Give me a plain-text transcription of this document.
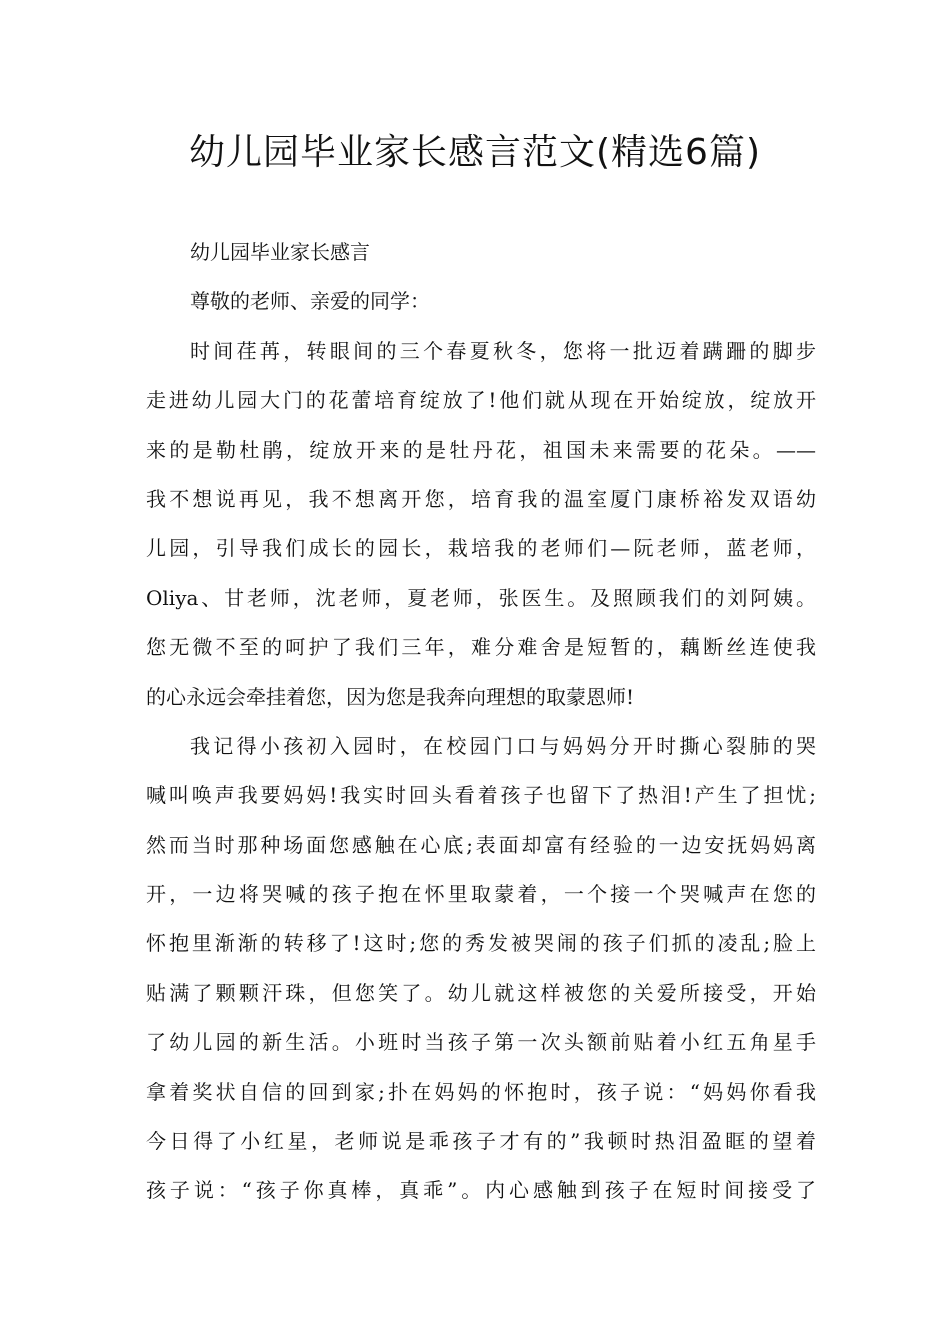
幼儿园毕业家长感言范文(精选6篇)
幼儿园毕业家长感言
尊敬的老师、亲爱的同学：
时间荏苒，转眼间的三个春夏秋冬，您将一批迈着蹒跚的脚步
走进幼儿园大门的花蕾培育绽放了!他们就从现在开始绽放，绽放开
来的是勒杜鹃，绽放开来的是牡丹花，祖国未来需要的花朵。——
我不想说再见，我不想离开您，培育我的温室厦门康桥裕发双语幼
儿园，引导我们成长的园长，栽培我的老师们—阮老师，蓝老师，
Oliya、甘老师，沈老师，夏老师，张医生。及照顾我们的刘阿姨。
您无微不至的呵护了我们三年，难分难舍是短暂的，藕断丝连使我
的心永远会牵挂着您，因为您是我奔向理想的取蒙恩师!
我记得小孩初入园时，在校园门口与妈妈分开时撕心裂肺的哭
喊叫唤声我要妈妈!我实时回头看着孩子也留下了热泪!产生了担忧;
然而当时那种场面您感触在心底;表面却富有经验的一边安抚妈妈离
开，一边将哭喊的孩子抱在怀里取蒙着，一个接一个哭喊声在您的
怀抱里渐渐的转移了!这时;您的秀发被哭闹的孩子们抓的凌乱;脸上
贴满了颗颗汗珠，但您笑了。幼儿就这样被您的关爱所接受，开始
了幼儿园的新生活。小班时当孩子第一次头额前贴着小红五角星手
拿着奖状自信的回到家;扑在妈妈的怀抱时，孩子说：“妈妈你看我
今日得了小红星，老师说是乖孩子才有的”我顿时热泪盈眶的望着
孩子说：“孩子你真棒，真乖”。内心感触到孩子在短时间接受了
